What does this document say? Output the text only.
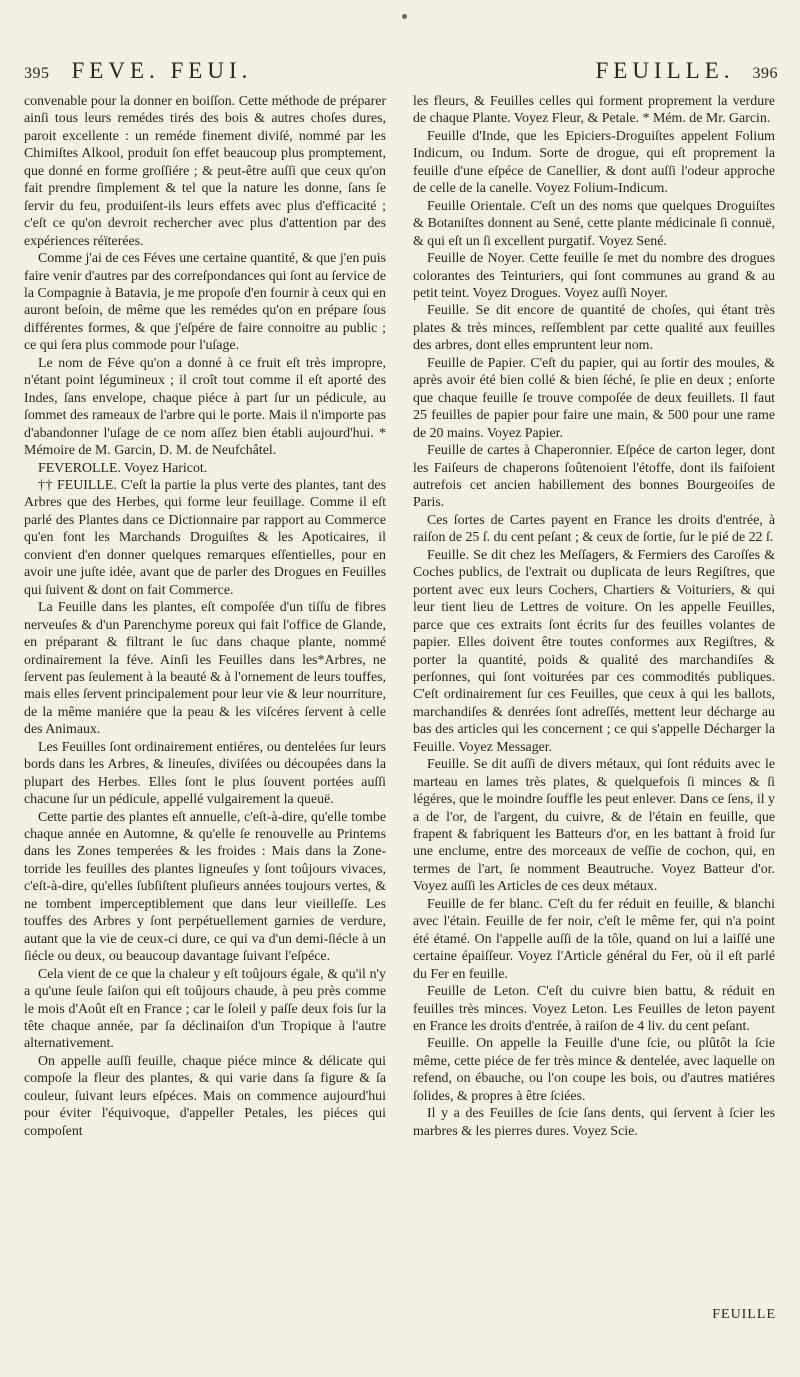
395 FEVE. FEUI.	FEUILLE. 396

convenable pour la donner en boiſſon. Cette méthode de préparer ainſi tous leurs remédes tirés des bois & autres choſes dures, paroit excellente : un remédе finement diviſé, nommé par les Chimiſtes Alkool, produit ſon effet beaucoup plus promptement, que donné en forme groſſiére ; & peut-être auſſi que ceux qu'on fait prendre ſimplement & tel que la nature les donne, ſans ſe ſervir du feu, produiſent-ils leurs effets avec plus d'efficacité ; c'eſt ce qu'on devroit rechercher avec plus d'attention par des expériences réïterées.

Comme j'ai de ces Féves une certaine quantité, & que j'en puis faire venir d'autres par des correſpondances qui ſont au ſervice de la Compagnie à Batavia, je me propoſe d'en fournir à ceux qui en auront beſoin, de même que les remédes qu'on en prépare ſous différentes formes, & que j'eſpére de faire connoitre au public ; ce qui ſera plus commode pour l'uſage.

Le nom de Féve qu'on a donné à ce fruit eſt très impropre, n'étant point légumineux ; il croît tout comme il eſt aporté des Indes, ſans envelope, chaque piéce à part ſur un pédicule, au ſommet des rameaux de l'arbre qui le porte. Mais il n'importe pas d'abandonner l'uſage de ce nom aſſez bien établi aujourd'hui. * Mémoire de M. Garcin, D. M. de Neufchâtel.

FEVEROLLE. Voyez Haricot.

†† FEUILLE. C'eſt la partie la plus verte des plantes, tant des Arbres que des Herbes, qui forme leur feuillage. Comme il eſt parlé des Plantes dans ce Dictionnaire par rapport au Commerce qu'en font les Marchands Droguiſtes & les Apoticaires, il convient d'en donner quelques remarques eſſentielles, pour en avoir une juſte idée, avant que de parler des Drogues en Feuilles qui ſuivent & dont on fait Commerce.

La Feuille dans les plantes, eſt compoſée d'un tiſſu de fibres nerveuſes & d'un Parenchyme poreux qui fait l'office de Glande, en préparant & filtrant le ſuc dans chaque plante, nommé ordinairement la féve. Ainſi les Feuilles dans les*Arbres, ne ſervent pas ſeulement à la beauté & à l'ornement de leurs touffes, mais elles ſervent principalement pour leur vie & leur nourriture, de la même maniére que la peau & les viſcéres ſervent à celle des Animaux.

Les Feuilles ſont ordinairement entiéres, ou dentelées ſur leurs bords dans les Arbres, & lineuſes, diviſées ou découpées dans la plupart des Herbes. Elles ſont le plus ſouvent portées auſſi chacune ſur un pédicule, appellé vulgairement la queuë.

Cette partie des plantes eſt annuelle, c'eſt-à-dire, qu'elle tombe chaque année en Automne, & qu'elle ſe renouvelle au Printems dans les Zones temperées & les froides : Mais dans la Zone-torride les feuilles des plantes ligneuſes y ſont toûjours vivaces, c'eſt-à-dire, qu'elles ſubſiſtent pluſieurs années toujours vertes, & ne tombent imperceptiblement que dans leur vieilleſſe. Les touffes des Arbres y ſont perpétuellement garnies de verdure, autant que la vie de ceux-ci dure, ce qui va d'un demi-ſiécle à un ſiécle ou deux, ou beaucoup davantage ſuivant l'eſpéce.

Cela vient de ce que la chaleur y eſt toûjours égale, & qu'il n'y a qu'une ſeule ſaiſon qui eſt toûjours chaude, à peu près comme le mois d'Août eſt en France ; car le ſoleil y paſſe deux fois ſur la tête chaque année, par ſa déclinaiſon d'un Tropique à l'autre alternativement.

On appelle auſſi feuille, chaque piéce mince & délicate qui compoſe la fleur des plantes, & qui varie dans ſa figure & ſa couleur, ſuivant leurs eſpéces. Mais on commence aujourd'hui pour éviter l'équivoque, d'appeller Petales, les piéces qui compoſent

les fleurs, & Feuilles celles qui forment proprement la verdure de chaque Plante. Voyez Fleur, & Petale. * Mém. de Mr. Garcin.

Feuille d'Inde, que les Epiciers-Droguiſtes appelent Folium Indicum, ou Indum. Sorte de drogue, qui eſt proprement la feuille d'une eſpéce de Canellier, & dont auſſi l'odeur approche de celle de la canelle. Voyez Folium-Indicum.

Feuille Orientale. C'eſt un des noms que quelques Droguiſtes & Botaniſtes donnent au Sené, cette plante médicinale ſi connuë, & qui eſt un ſi excellent purgatif. Voyez Sené.

Feuille de Noyer. Cette feuille ſe met du nombre des drogues colorantes des Teinturiers, qui ſont communes au grand & au petit teint. Voyez Drogues. Voyez auſſi Noyer.

Feuille. Se dit encore de quantité de choſes, qui étant très plates & très minces, reſſemblent par cette qualité aux feuilles des arbres, dont elles empruntent leur nom.

Feuille de Papier. C'eſt du papier, qui au ſortir des moules, & après avoir été bien collé & bien ſéché, ſe plie en deux ; enſorte que chaque feuille ſe trouve compoſée de deux feuillets. Il faut 25 feuilles de papier pour faire une main, & 500 pour une rame de 20 mains. Voyez Papier.

Feuille de cartes à Chaperonnier. Eſpéce de carton leger, dont les Faiſeurs de chaperons ſoûtenoient l'étoffe, dont ils faiſoient autrefois cet ancien habillement des bonnes Bourgeoiſes de Paris.

Ces ſortes de Cartes payent en France les droits d'entrée, à raiſon de 25 ſ. du cent peſant ; & ceux de ſortie, ſur le pié de 22 ſ.

Feuille. Se dit chez les Meſſagers, & Fermiers des Caroſſes & Coches publics, de l'extrait ou duplicata de leurs Regiſtres, que portent avec eux leurs Cochers, Chartiers & Voituriers, & qui leur tient lieu de Lettres de voiture. On les appelle Feuilles, parce que ces extraits ſont écrits ſur des feuilles volantes de papier. Elles doivent être toutes conformes aux Regiſtres, & porter la quantité, poids & qualité des marchandiſes & perſonnes, qui ſont voiturées par ces commodités publiques. C'eſt ordinairement ſur ces Feuilles, que ceux à qui les ballots, marchandiſes & denrées ſont adreſſés, mettent leur décharge au bas des articles qui les concernent ; ce qui s'appelle Décharger la Feuille. Voyez Messager.

Feuille. Se dit auſſi de divers métaux, qui ſont réduits avec le marteau en lames très plates, & quelquefois ſi minces & ſi légéres, que le moindre ſouffle les peut enlever. Dans ce ſens, il y a de l'or, de l'argent, du cuivre, & de l'étain en feuille, que frapent & fabriquent les Batteurs d'or, en les battant à froid ſur une enclume, entre des morceaux de veſſie de cochon, qui, en termes de l'art, ſe nomment Beautruche. Voyez Batteur d'or. Voyez auſſi les Articles de ces deux métaux.

Feuille de fer blanc. C'eſt du fer réduit en feuille, & blanchi avec l'étain. Feuille de fer noir, c'eſt le même fer, qui n'a point été étamé. On l'appelle auſſi de la tôle, quand on lui a laiſſé une certaine épaiſſeur. Voyez l'Article général du Fer, où il eſt parlé du Fer en feuille.

Feuille de Leton. C'eſt du cuivre bien battu, & réduit en feuilles très minces. Voyez Leton. Les Feuilles de leton payent en France les droits d'entrée, à raiſon de 4 liv. du cent peſant.

Feuille. On appelle la Feuille d'une ſcie, ou plûtôt la ſcie même, cette piéce de fer très mince & dentelée, avec laquelle on refend, on ébauche, ou l'on coupe les bois, ou d'autres matiéres ſolides, & propres à être ſciées.

Il y a des Feuilles de ſcie ſans dents, qui ſervent à ſcier les marbres & les pierres dures. Voyez Scie.

FEUILLE
